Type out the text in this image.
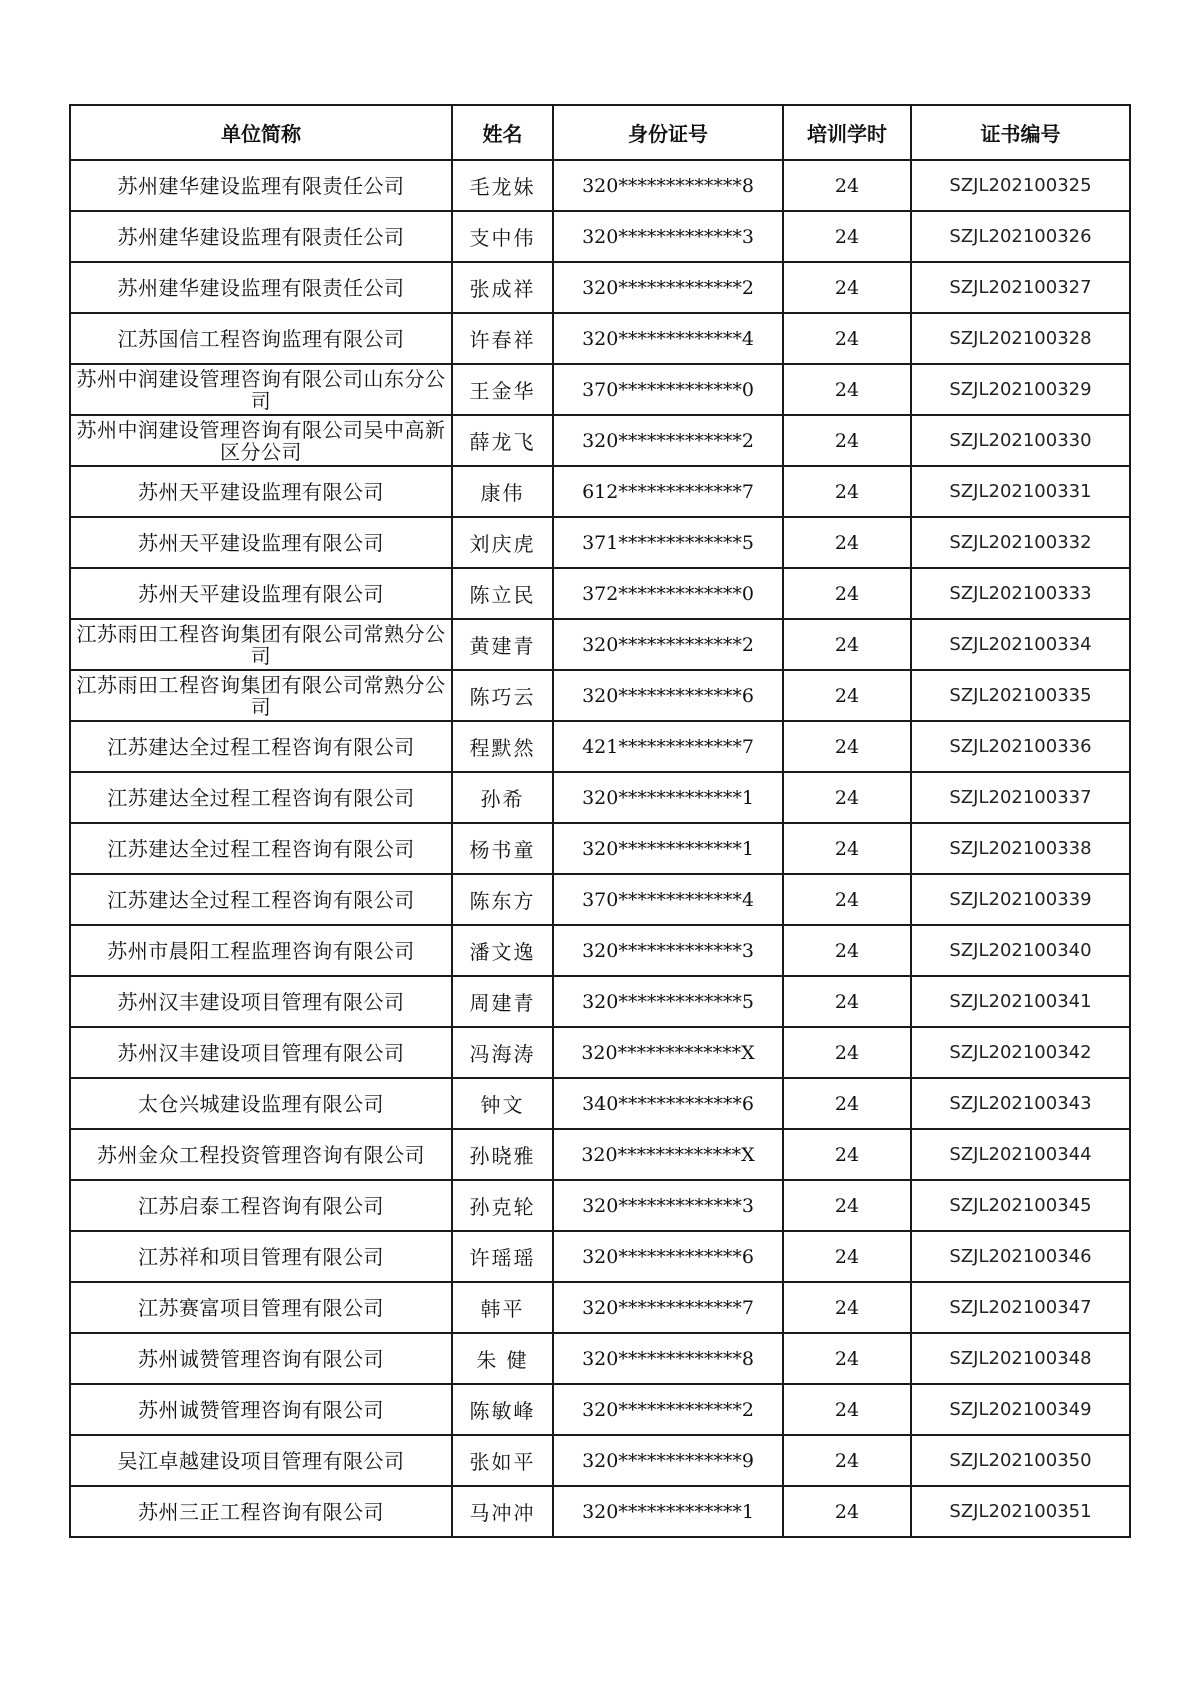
单位简称	姓名	身份证号	培训学时	证书编号
苏州建华建设监理有限责任公司	毛龙妹	320*************8	24	SZJL202100325
苏州建华建设监理有限责任公司	支中伟	320*************3	24	SZJL202100326
苏州建华建设监理有限责任公司	张成祥	320*************2	24	SZJL202100327
江苏国信工程咨询监理有限公司	许春祥	320*************4	24	SZJL202100328
苏州中润建设管理咨询有限公司山东分公司	王金华	370*************0	24	SZJL202100329
苏州中润建设管理咨询有限公司吴中高新区分公司	薛龙飞	320*************2	24	SZJL202100330
苏州天平建设监理有限公司	康伟	612*************7	24	SZJL202100331
苏州天平建设监理有限公司	刘庆虎	371*************5	24	SZJL202100332
苏州天平建设监理有限公司	陈立民	372*************0	24	SZJL202100333
江苏雨田工程咨询集团有限公司常熟分公司	黄建青	320*************2	24	SZJL202100334
江苏雨田工程咨询集团有限公司常熟分公司	陈巧云	320*************6	24	SZJL202100335
江苏建达全过程工程咨询有限公司	程默然	421*************7	24	SZJL202100336
江苏建达全过程工程咨询有限公司	孙希	320*************1	24	SZJL202100337
江苏建达全过程工程咨询有限公司	杨书童	320*************1	24	SZJL202100338
江苏建达全过程工程咨询有限公司	陈东方	370*************4	24	SZJL202100339
苏州市晨阳工程监理咨询有限公司	潘文逸	320*************3	24	SZJL202100340
苏州汉丰建设项目管理有限公司	周建青	320*************5	24	SZJL202100341
苏州汉丰建设项目管理有限公司	冯海涛	320*************X	24	SZJL202100342
太仓兴城建设监理有限公司	钟文	340*************6	24	SZJL202100343
苏州金众工程投资管理咨询有限公司	孙晓雅	320*************X	24	SZJL202100344
江苏启泰工程咨询有限公司	孙克轮	320*************3	24	SZJL202100345
江苏祥和项目管理有限公司	许瑶瑶	320*************6	24	SZJL202100346
江苏赛富项目管理有限公司	韩平	320*************7	24	SZJL202100347
苏州诚赞管理咨询有限公司	朱 健	320*************8	24	SZJL202100348
苏州诚赞管理咨询有限公司	陈敏峰	320*************2	24	SZJL202100349
吴江卓越建设项目管理有限公司	张如平	320*************9	24	SZJL202100350
苏州三正工程咨询有限公司	马冲冲	320*************1	24	SZJL202100351
